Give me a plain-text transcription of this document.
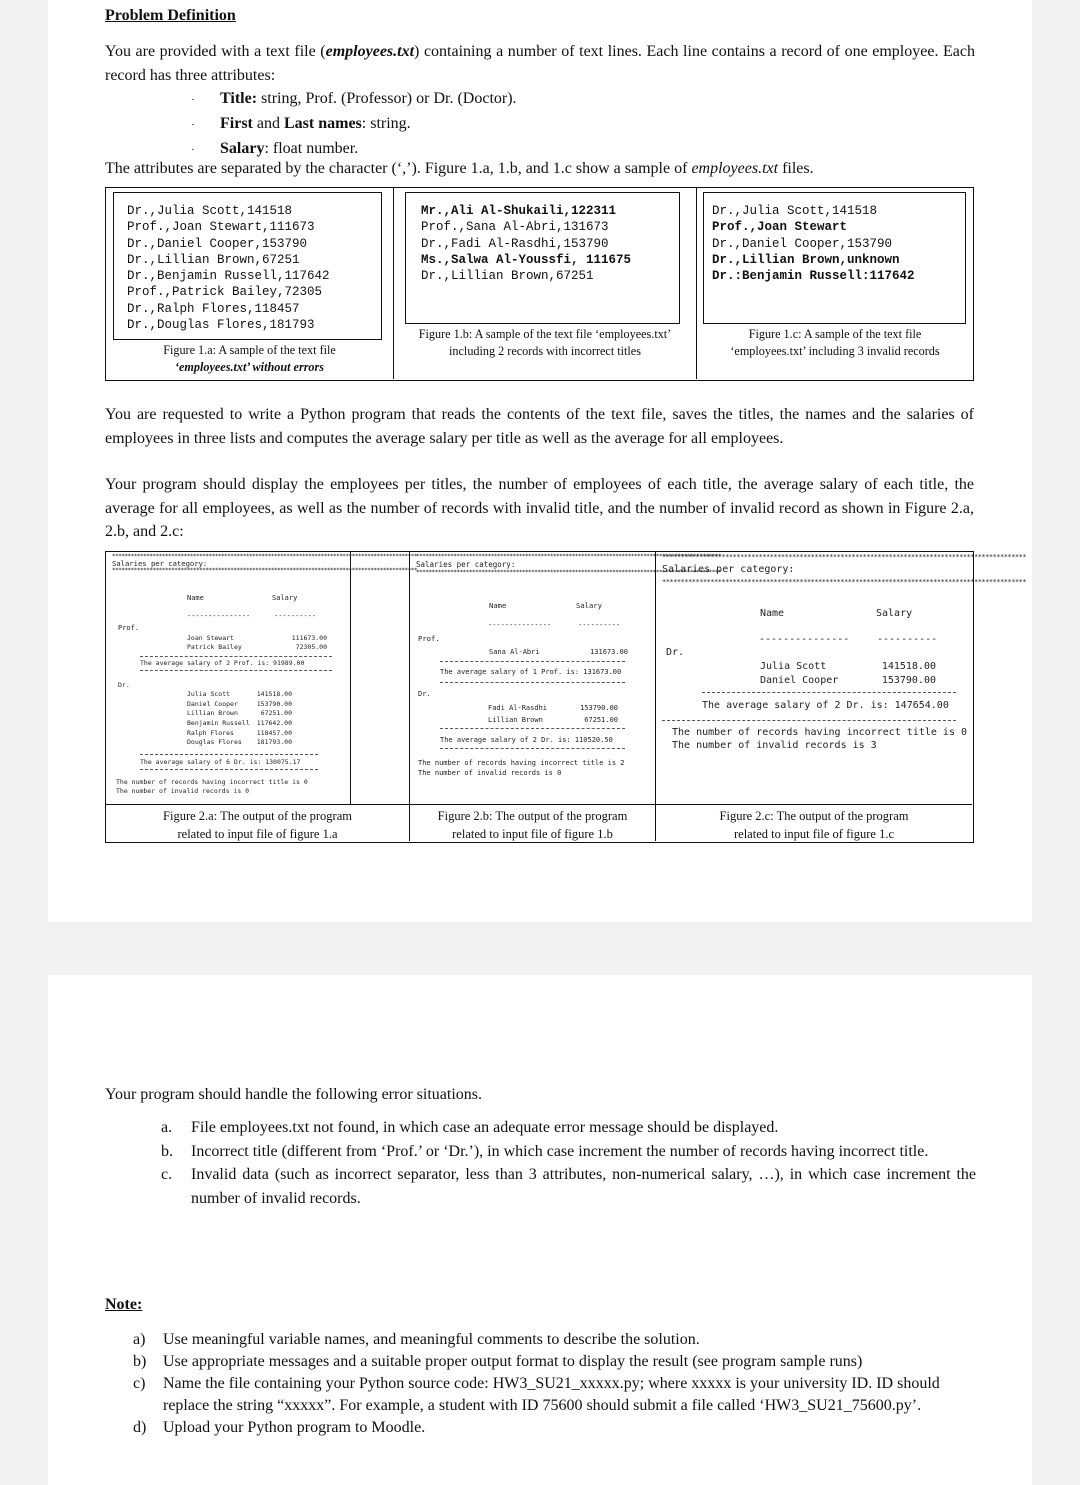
Problem Definition
You are provided with a text file (employees.txt) containing a number of text lines. Each line contains a record of one employee. Each record has three attributes:
· Title: string, Prof. (Professor) or Dr. (Doctor).
· First and Last names: string.
· Salary: float number.
The attributes are separated by the character (‘,’). Figure 1.a, 1.b, and 1.c show a sample of employees.txt files.
Dr.,Julia Scott,141518
Prof.,Joan Stewart,111673
Dr.,Daniel Cooper,153790
Dr.,Lillian Brown,67251
Dr.,Benjamin Russell,117642
Prof.,Patrick Bailey,72305
Dr.,Ralph Flores,118457
Dr.,Douglas Flores,181793
Figure 1.a: A sample of the text file
‘employees.txt’ without errors
Mr.,Ali Al-Shukaili,122311
Prof.,Sana Al-Abri,131673
Dr.,Fadi Al-Rasdhi,153790
Ms.,Salwa Al-Youssfi, 111675
Dr.,Lillian Brown,67251
Figure 1.b: A sample of the text file ‘employees.txt’
including 2 records with incorrect titles
Dr.,Julia Scott,141518
Prof.,Joan Stewart
Dr.,Daniel Cooper,153790
Dr.,Lillian Brown,unknown
Dr.:Benjamin Russell:117642
Figure 1.c: A sample of the text file
‘employees.txt’ including 3 invalid records
You are requested to write a Python program that reads the contents of the text file, saves the titles, the names and the salaries of employees in three lists and computes the average salary per title as well as the average for all employees.
Your program should display the employees per titles, the number of employees of each title, the average salary of each title, the average for all employees, as well as the number of records with invalid title, and the number of invalid record as shown in Figure 2.a, 2.b, and 2.c:
**************************************************************************************************
Salaries per category:
**************************************************************************************************
Name	Salary
---------------	----------
Prof.
Joan Stewart	111673.00
Patrick Bailey	72305.00
The average salary of 2 Prof. is: 91989.00
Dr.
Julia Scott	141518.00
Daniel Cooper	153790.00
Lillian Brown	67251.00
Benjamin Russell 117642.00
Ralph Flores	118457.00
Douglas Flores 181793.00
The average salary of 6 Dr. is: 130075.17
The number of records having incorrect title is 0
The number of invalid records is 0
**************************************************************************************************
Salaries per category:
**************************************************************************************************
Name	Salary
---------------	----------
Prof.
Sana Al-Abri	131673.00
The average salary of 1 Prof. is: 131673.00
Dr.
Fadi Al-Rasdhi	153790.00
Lillian Brown	67251.00
The average salary of 2 Dr. is: 110520.50
The number of records having incorrect title is 2
The number of invalid records is 0
**************************************************************************************************
Salaries per category:
**************************************************************************************************
Name	Salary
---------------	----------
Dr.
Julia Scott	141518.00
Daniel Cooper	153790.00
The average salary of 2 Dr. is: 147654.00
The number of records having incorrect title is 0
The number of invalid records is 3
Figure 2.a: The output of the program
related to input file of figure 1.a
Figure 2.b: The output of the program
related to input file of figure 1.b
Figure 2.c: The output of the program
related to input file of figure 1.c
Your program should handle the following error situations.
a.	File employees.txt not found, in which case an adequate error message should be displayed.
b.	Incorrect title (different from ‘Prof.’ or ‘Dr.’), in which case increment the number of records having incorrect title.
c.	Invalid data (such as incorrect separator, less than 3 attributes, non-numerical salary, …), in which case increment the number of invalid records.
Note:
a)	Use meaningful variable names, and meaningful comments to describe the solution.
b)	Use appropriate messages and a suitable proper output format to display the result (see program sample runs)
c)	Name the file containing your Python source code: HW3_SU21_xxxxx.py; where xxxxx is your university ID. ID should replace the string “xxxxx”. For example, a student with ID 75600 should submit a file called ‘HW3_SU21_75600.py’.
d)	Upload your Python program to Moodle.
